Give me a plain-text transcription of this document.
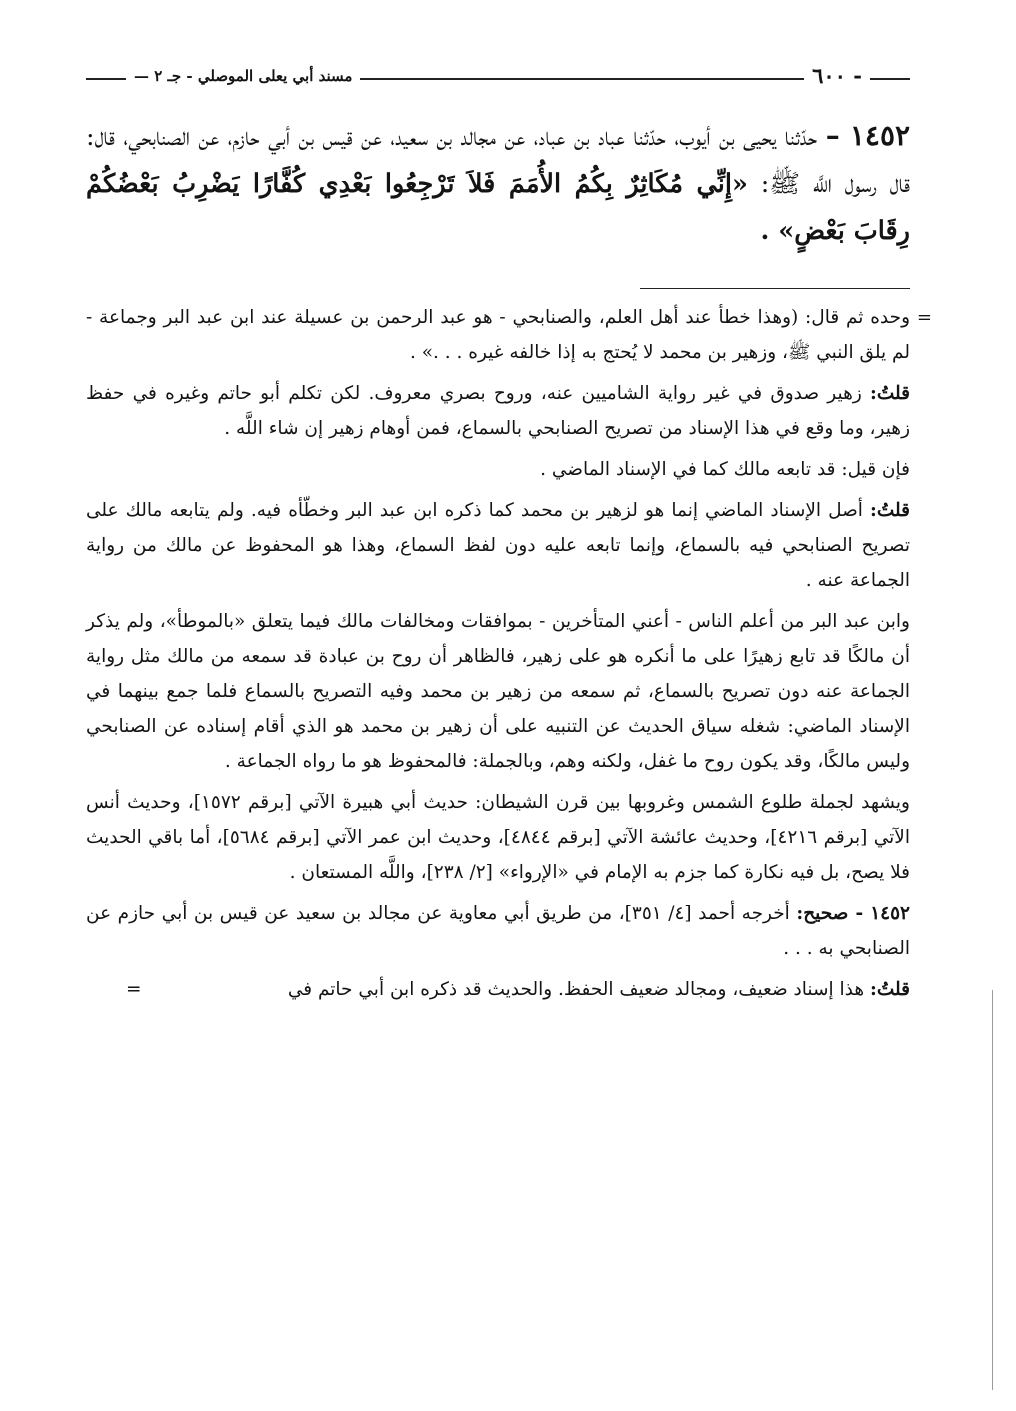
- ٦٠٠
مسند أبي يعلى الموصلي - جـ ٢ —
١٤٥٢ – حدّثنا يحيى بن أيوب، حدّثنا عباد بن عباد، عن مجالد بن سعيد، عن قيس بن أبي حازم، عن الصنابحي، قال: قال رسول اللَّه ﷺ: «إِنِّي مُكَاثِرٌ بِكُمُ الأُمَمَ فَلاَ تَرْجِعُوا بَعْدِي كُفَّارًا يَضْرِبُ بَعْضُكُمْ رِقَابَ بَعْضٍ» .

=
وحده ثم قال: (وهذا خطأ عند أهل العلم، والصنابحي - هو عبد الرحمن بن عسيلة عند ابن عبد البر وجماعة - لم يلق النبي ﷺ، وزهير بن محمد لا يُحتج به إذا خالفه غيره . . .» .

قلتُ: زهير صدوق في غير رواية الشاميين عنه، وروح بصري معروف. لكن تكلم أبو حاتم وغيره في حفظ زهير، وما وقع في هذا الإسناد من تصريح الصنابحي بالسماع، فمن أوهام زهير إن شاء اللَّه .

فإن قيل: قد تابعه مالك كما في الإسناد الماضي .

قلتُ: أصل الإسناد الماضي إنما هو لزهير بن محمد كما ذكره ابن عبد البر وخطّأه فيه. ولم يتابعه مالك على تصريح الصنابحي فيه بالسماع، وإنما تابعه عليه دون لفظ السماع، وهذا هو المحفوظ عن مالك من رواية الجماعة عنه .

وابن عبد البر من أعلم الناس - أعني المتأخرين - بموافقات ومخالفات مالك فيما يتعلق «بالموطأ»، ولم يذكر أن مالكًا قد تابع زهيرًا على ما أنكره هو على زهير، فالظاهر أن روح بن عبادة قد سمعه من مالك مثل رواية الجماعة عنه دون تصريح بالسماع، ثم سمعه من زهير بن محمد وفيه التصريح بالسماع فلما جمع بينهما في الإسناد الماضي: شغله سياق الحديث عن التنبيه على أن زهير بن محمد هو الذي أقام إسناده عن الصنابحي وليس مالكًا، وقد يكون روح ما غفل، ولكنه وهم، وبالجملة: فالمحفوظ هو ما رواه الجماعة .

ويشهد لجملة طلوع الشمس وغروبها بين قرن الشيطان: حديث أبي هبيرة الآتي [برقم ١٥٧٢]، وحديث أنس الآتي [برقم ٤٢١٦]، وحديث عائشة الآتي [برقم ٤٨٤٤]، وحديث ابن عمر الآتي [برقم ٥٦٨٤]، أما باقي الحديث فلا يصح، بل فيه نكارة كما جزم به الإمام في «الإرواء» [٢/ ٢٣٨]، واللَّه المستعان .

١٤٥٢ - صحيح: أخرجه أحمد [٤/ ٣٥١]، من طريق أبي معاوية عن مجالد بن سعيد عن قيس بن أبي حازم عن الصنابحي به . . .

قلتُ: هذا إسناد ضعيف، ومجالد ضعيف الحفظ. والحديث قد ذكره ابن أبي حاتم في
=
